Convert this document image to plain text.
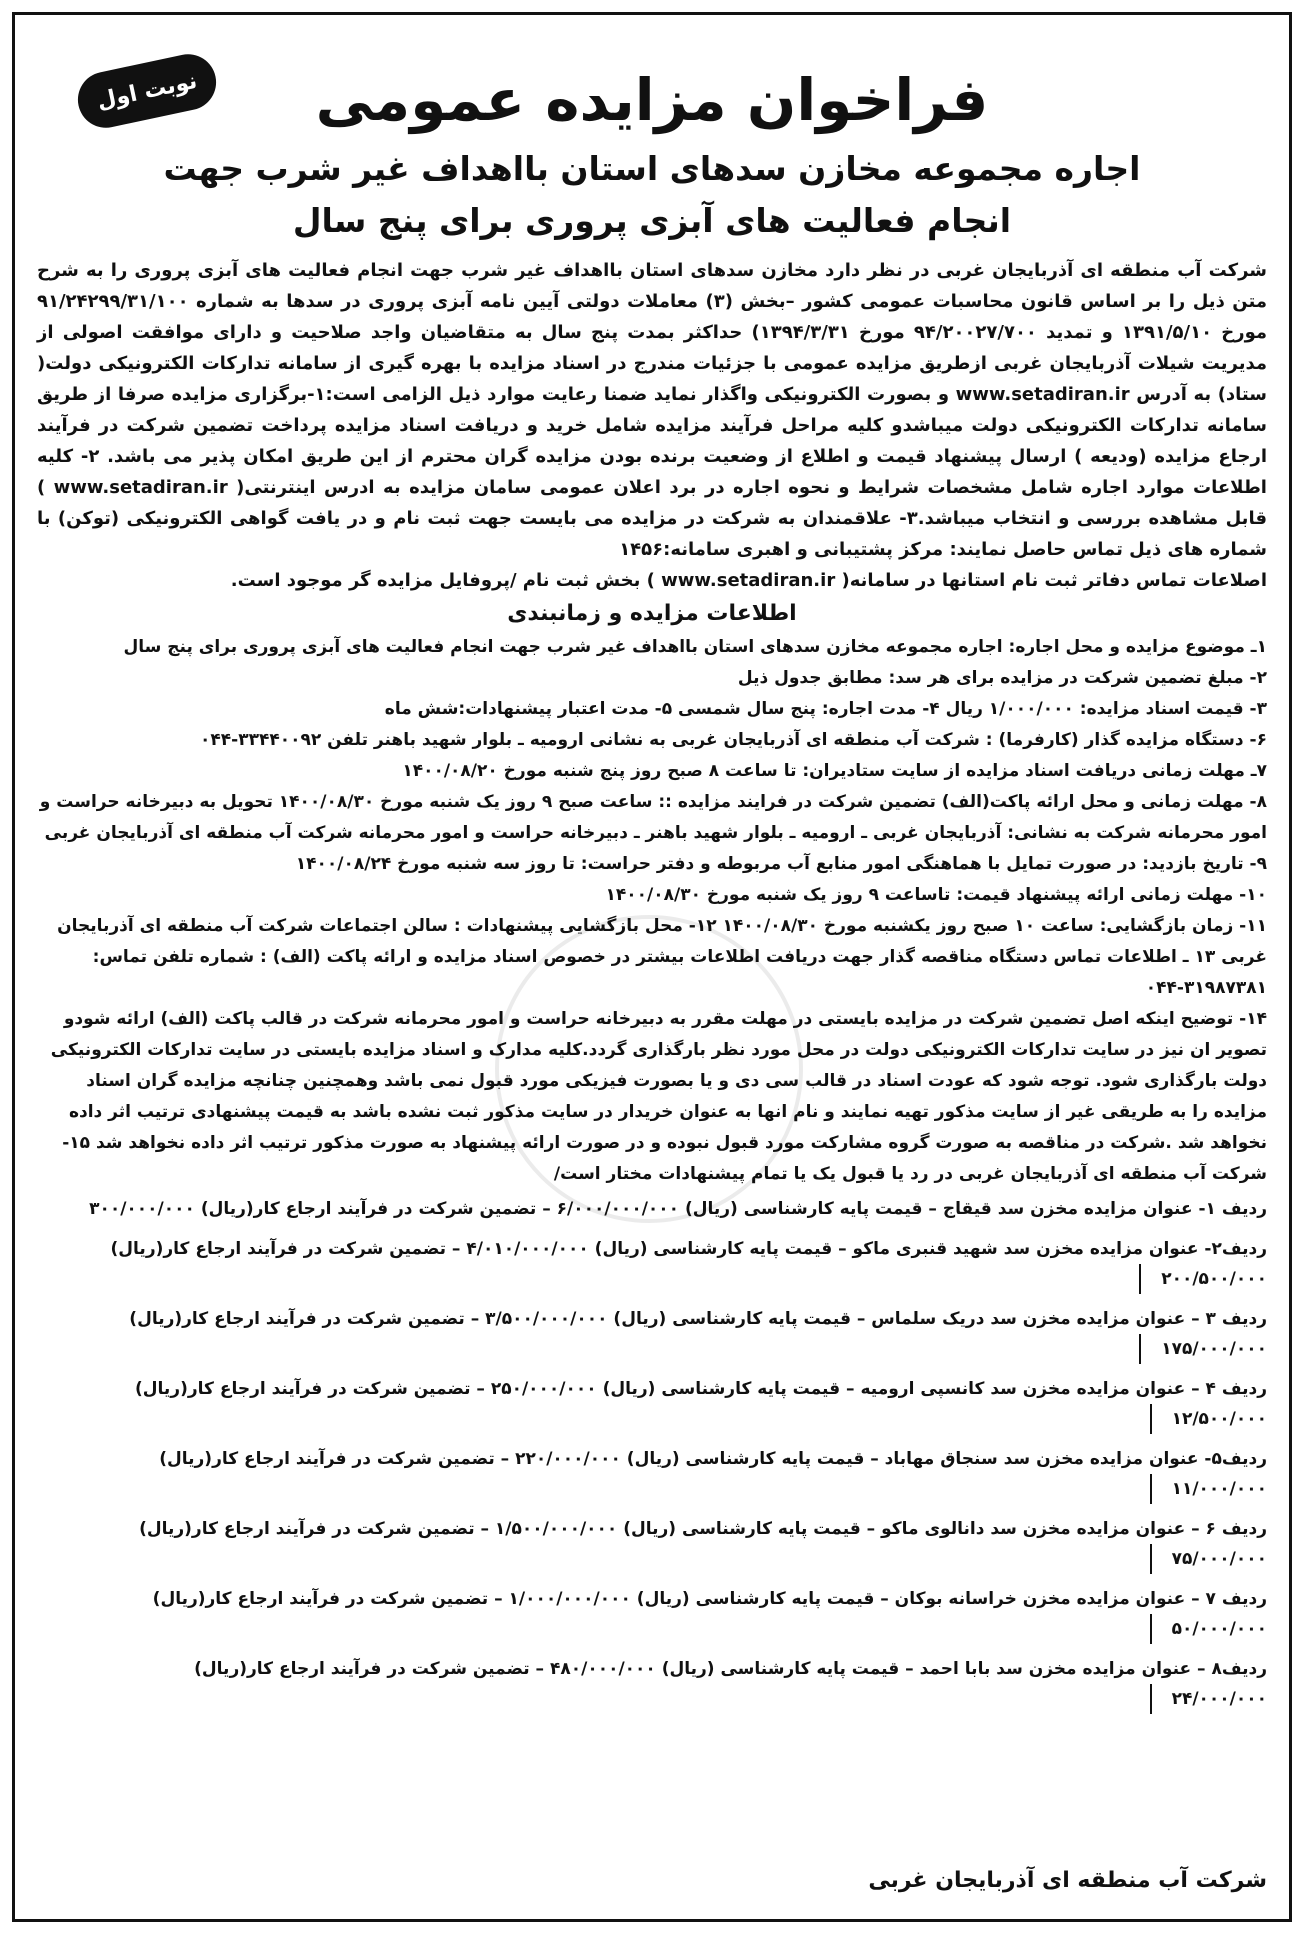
نوبت اول	فراخوان مزایده عمومی
اجاره مجموعه مخازن سدهای استان بااهداف غیر شرب جهت انجام فعالیت های آبزی پروری برای پنج سال
شرکت آب منطقه ای آذربایجان غربی در نظر دارد مخازن سدهای استان بااهداف غیر شرب جهت انجام فعالیت های آبزی پروری را به شرح متن ذیل را بر اساس قانون محاسبات عمومی کشور –بخش (۳) معاملات دولتی آیین نامه آبزی پروری در سدها به شماره ۹۱/۲۴۲۹۹/۳۱/۱۰۰ مورخ ۱۳۹۱/۵/۱۰ و تمدید ۹۴/۲۰۰۲۷/۷۰۰ مورخ ۱۳۹۴/۳/۳۱) حداکثر بمدت پنج سال به متقاضیان واجد صلاحیت و دارای موافقت اصولی از مدیریت شیلات آذربایجان غربی ازطریق مزایده عمومی با جزئیات مندرج در اسناد مزایده با بهره گیری از سامانه تدارکات الکترونیکی دولت( ستاد) به آدرس www.setadiran.ir و بصورت الکترونیکی واگذار نماید ضمنا رعایت موارد ذیل الزامی است:۱-برگزاری مزایده صرفا از طریق سامانه تدارکات الکترونیکی دولت میباشدو کلیه مراحل فرآیند مزایده شامل خرید و دریافت اسناد مزایده پرداخت تضمین شرکت در فرآیند ارجاع مزایده (ودیعه ) ارسال پیشنهاد قیمت و اطلاع از وضعیت برنده بودن مزایده گران محترم از این طریق امکان پذیر می باشد. ۲- کلیه اطلاعات موارد اجاره شامل مشخصات شرایط و نحوه اجاره در برد اعلان عمومی سامان مزایده به ادرس اینترنتی( www.setadiran.ir ) قابل مشاهده بررسی و انتخاب میباشد.۳- علاقمندان به شرکت در مزایده می بایست جهت ثبت نام و در یافت گواهی الکترونیکی (توکن) با شماره های ذیل تماس حاصل نمایند: مرکز پشتیبانی و اهبری سامانه:۱۴۵۶
اصلاعات تماس دفاتر ثبت نام استانها در سامانه( www.setadiran.ir ) بخش ثبت نام /پروفایل مزایده گر موجود است.
اطلاعات مزایده و زمانبندی

۱ـ موضوع مزایده و محل اجاره: اجاره مجموعه مخازن سدهای استان بااهداف غیر شرب جهت انجام فعالیت های آبزی پروری برای پنج سال

۲- مبلغ تضمین شرکت در مزایده برای هر سد: مطابق جدول ذیل

۳- قیمت اسناد مزایده: ۱/۰۰۰/۰۰۰ ریال ۴- مدت اجاره: پنج سال شمسی ۵- مدت اعتبار پیشنهادات:شش ماه

۶- دستگاه مزایده گذار (کارفرما) : شرکت آب منطقه ای آذربایجان غربی به نشانی ارومیه ـ بلوار شهید باهنر تلفن ۳۳۴۴۰۰۹۲-۰۴۴

۷ـ مهلت زمانی دریافت اسناد مزایده از سایت ستادیران: تا ساعت ۸ صبح روز پنج شنبه مورخ ۱۴۰۰/۰۸/۲۰

۸- مهلت زمانی و محل ارائه پاکت(الف) تضمین شرکت در فرایند مزایده :: ساعت صبح ۹ روز یک شنبه مورخ ۱۴۰۰/۰۸/۳۰ تحویل به دبیرخانه حراست و امور محرمانه شرکت به نشانی: آذربایجان غربی ـ ارومیه ـ بلوار شهید باهنر ـ دبیرخانه حراست و امور محرمانه شرکت آب منطقه ای آذربایجان غربی ۹- تاریخ بازدید: در صورت تمایل با هماهنگی امور منابع آب مربوطه و دفتر حراست: تا روز سه شنبه مورخ ۱۴۰۰/۰۸/۲۴

۱۰- مهلت زمانی ارائه پیشنهاد قیمت: تاساعت ۹ روز یک شنبه مورخ ۱۴۰۰/۰۸/۳۰

۱۱- زمان بازگشایی: ساعت ۱۰ صبح روز یکشنبه مورخ ۱۴۰۰/۰۸/۳۰ ۱۲- محل بازگشایی پیشنهادات : سالن اجتماعات شرکت آب منطقه ای آذربایجان غربی ۱۳ ـ اطلاعات تماس دستگاه مناقصه گذار جهت دریافت اطلاعات بیشتر در خصوص اسناد مزایده و ارائه پاکت (الف) : شماره تلفن تماس: ۳۱۹۸۷۳۸۱-۰۴۴

۱۴- توضیح اینکه اصل تضمین شرکت در مزایده بایستی در مهلت مقرر به دبیرخانه حراست و امور محرمانه شرکت در قالب پاکت (الف) ارائه شودو تصویر ان نیز در سایت تدارکات الکترونیکی دولت در محل مورد نظر بارگذاری گردد.کلیه مدارک و اسناد مزایده بایستی در سایت تدارکات الکترونیکی دولت بارگذاری شود. توجه شود که عودت اسناد در قالب سی دی و یا بصورت فیزیکی مورد قبول نمی باشد وهمچنین چنانچه مزایده گران اسناد مزایده را به طریقی غیر از سایت مذکور تهیه نمایند و نام انها به عنوان خریدار در سایت مذکور ثبت نشده باشد به قیمت پیشنهادی ترتیب اثر داده نخواهد شد .شرکت در مناقصه به صورت گروه مشارکت مورد قبول نبوده و در صورت ارائه پیشنهاد به صورت مذکور ترتیب اثر داده نخواهد شد ۱۵- شرکت آب منطقه ای آذربایجان غربی در رد یا قبول یک یا تمام پیشنهادات مختار است/

ردیف ۱- عنوان مزایده مخزن سد قیقاج – قیمت پایه کارشناسی (ریال) ۶/۰۰۰/۰۰۰/۰۰۰ – تضمین شرکت در فرآیند ارجاع کار(ریال) ۳۰۰/۰۰۰/۰۰۰
ردیف۲- عنوان مزایده مخزن سد شهید قنبری ماکو – قیمت پایه کارشناسی (ریال) ۴/۰۱۰/۰۰۰/۰۰۰ – تضمین شرکت در فرآیند ارجاع کار(ریال)
۲۰۰/۵۰۰/۰۰۰
ردیف ۳ – عنوان مزایده مخزن سد دریک سلماس – قیمت پایه کارشناسی (ریال) ۳/۵۰۰/۰۰۰/۰۰۰ – تضمین شرکت در فرآیند ارجاع کار(ریال)
۱۷۵/۰۰۰/۰۰۰
ردیف ۴ – عنوان مزایده مخزن سد کانسپی ارومیه – قیمت پایه کارشناسی (ریال) ۲۵۰/۰۰۰/۰۰۰ – تضمین شرکت در فرآیند ارجاع کار(ریال)
۱۲/۵۰۰/۰۰۰
ردیف۵- عنوان مزایده مخزن سد سنجاق مهاباد – قیمت پایه کارشناسی (ریال) ۲۲۰/۰۰۰/۰۰۰ – تضمین شرکت در فرآیند ارجاع کار(ریال)
۱۱/۰۰۰/۰۰۰
ردیف ۶ – عنوان مزایده مخزن سد دانالوی ماکو – قیمت پایه کارشناسی (ریال) ۱/۵۰۰/۰۰۰/۰۰۰ – تضمین شرکت در فرآیند ارجاع کار(ریال)
۷۵/۰۰۰/۰۰۰
ردیف ۷ – عنوان مزایده مخزن خراسانه بوکان – قیمت پایه کارشناسی (ریال) ۱/۰۰۰/۰۰۰/۰۰۰ – تضمین شرکت در فرآیند ارجاع کار(ریال)
۵۰/۰۰۰/۰۰۰
ردیف۸ – عنوان مزایده مخزن سد بابا احمد – قیمت پایه کارشناسی (ریال) ۴۸۰/۰۰۰/۰۰۰ – تضمین شرکت در فرآیند ارجاع کار(ریال)
۲۴/۰۰۰/۰۰۰
شرکت آب منطقه ای آذربایجان غربی
